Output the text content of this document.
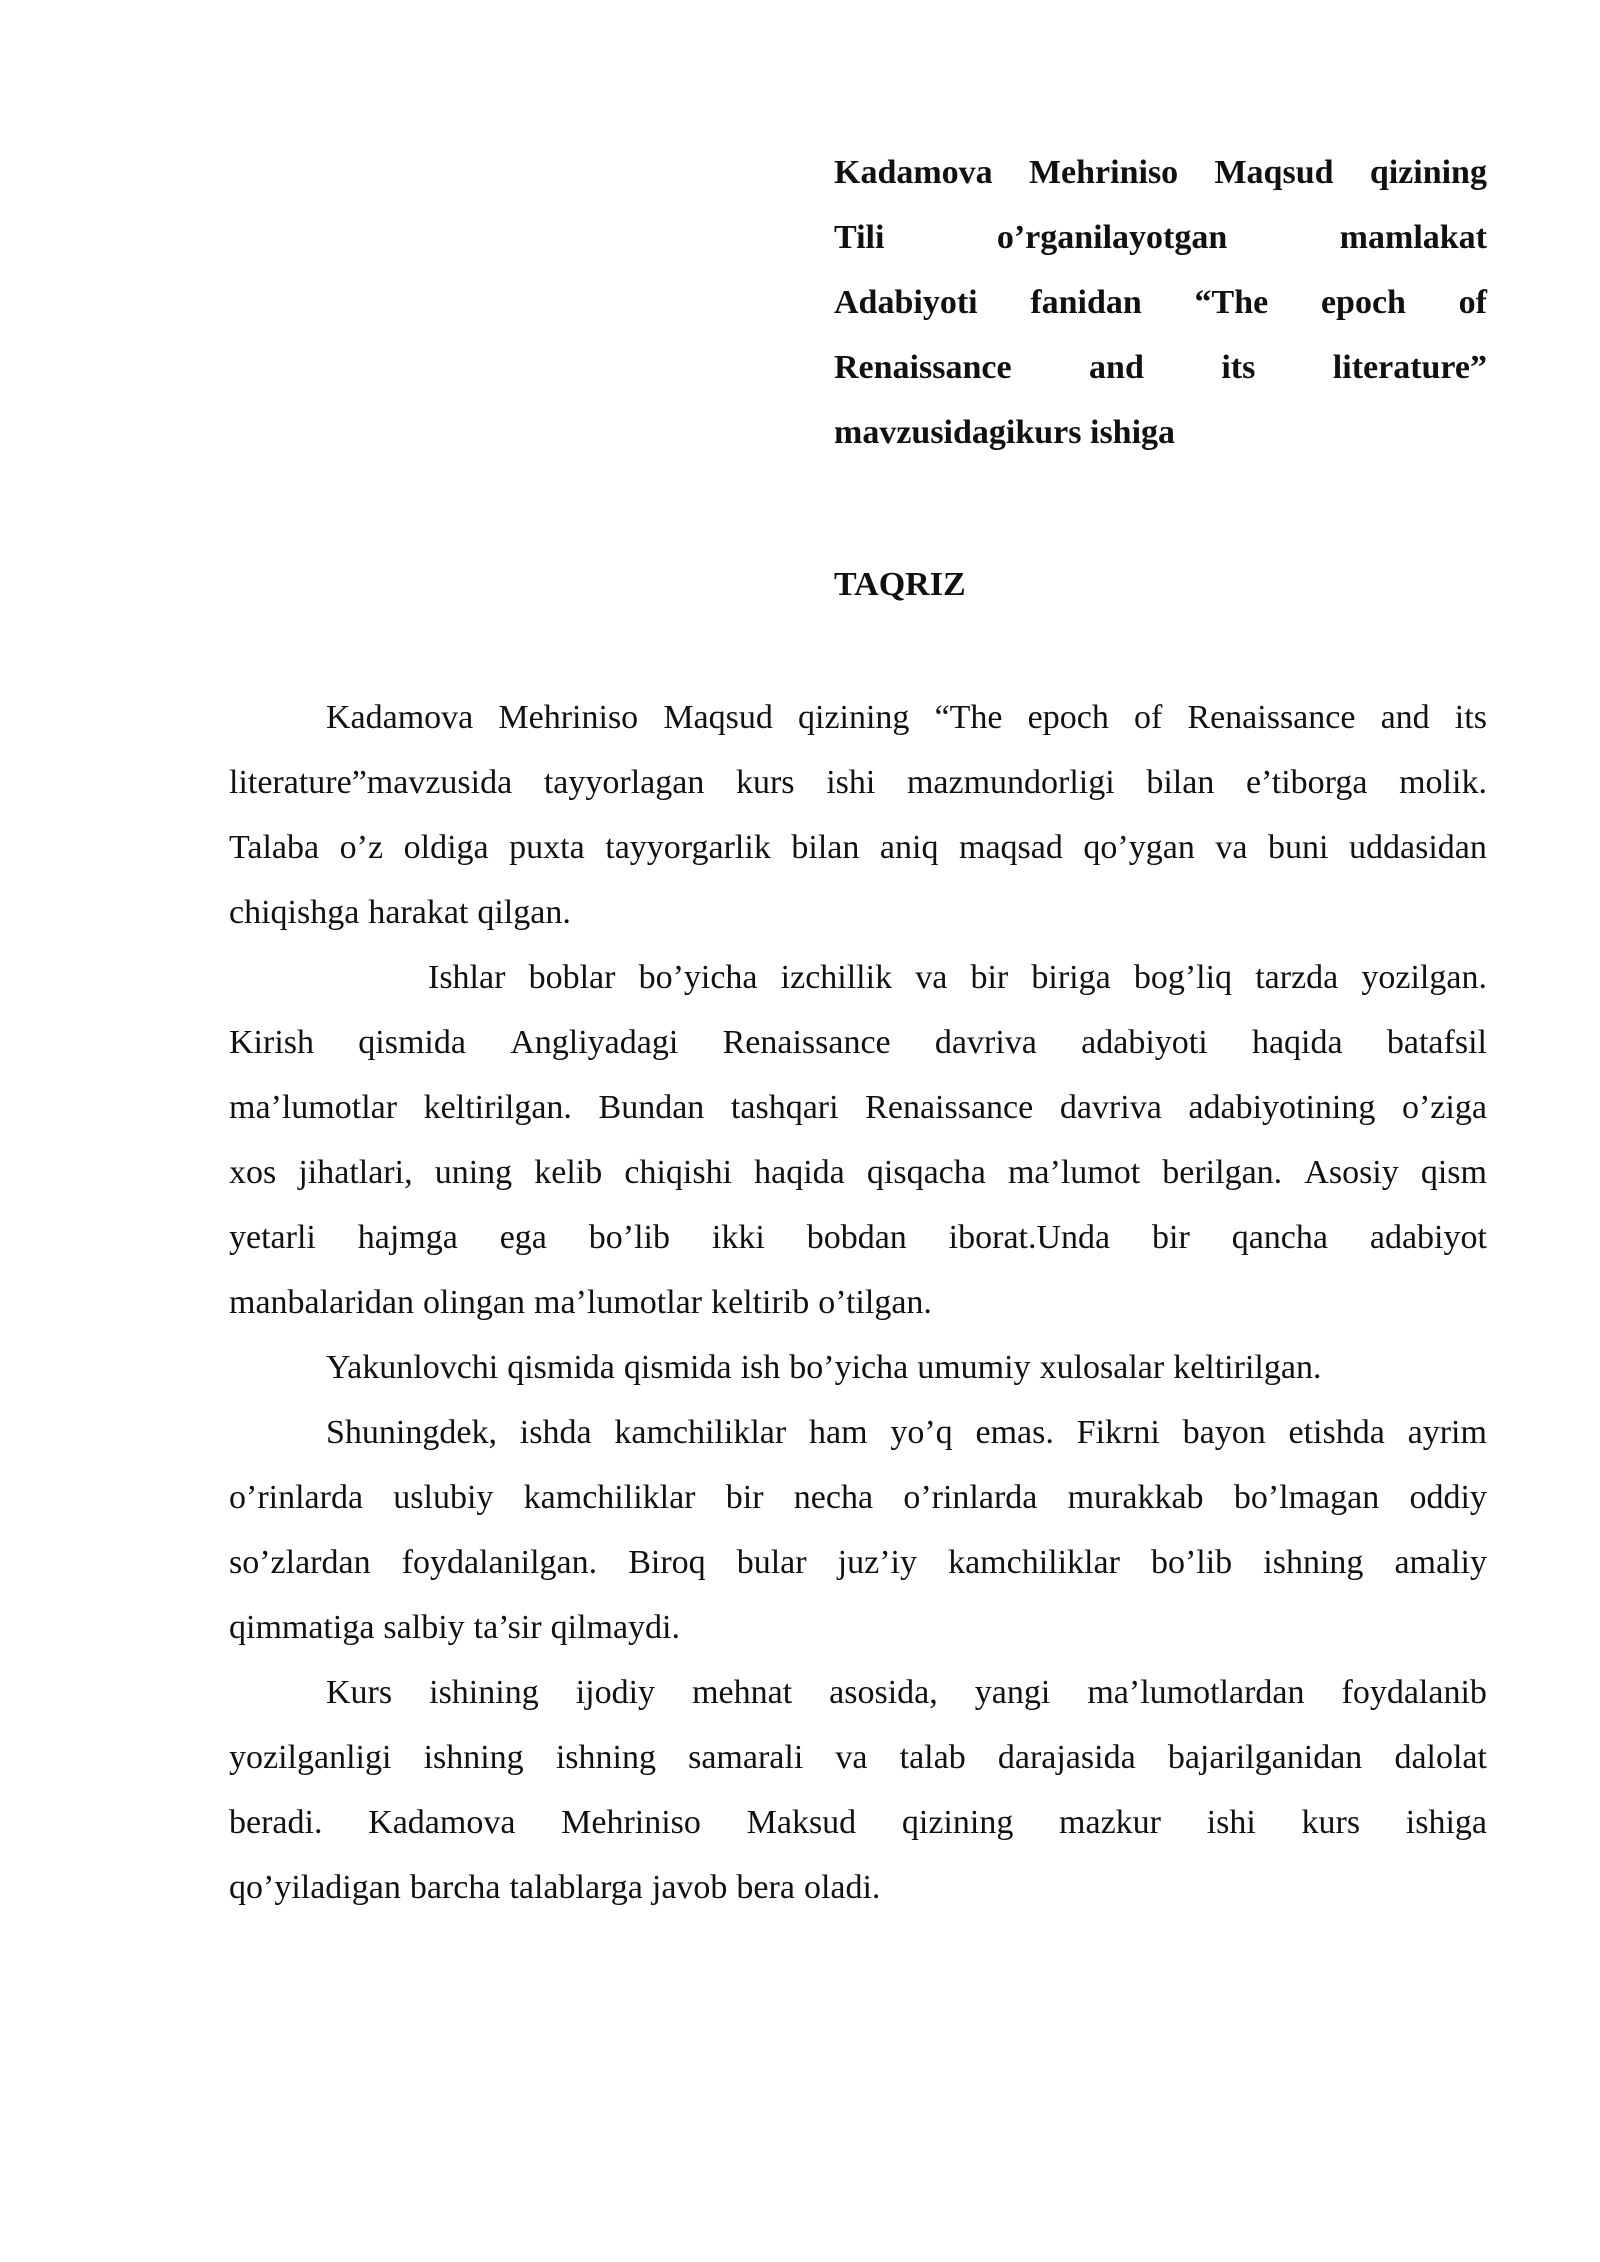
Kadamova Mehriniso Maqsud qizining
Tili	o’rganilayotgan	mamlakat
Adabiyoti fanidan “The epoch of
Renaissance and its literature”
mavzusidagikurs ishiga
TAQRIZ
Kadamova Mehriniso Maqsud qizining “The epoch of Renaissance and its
literature”mavzusida tayyorlagan kurs ishi mazmundorligi bilan e’tiborga molik.
Talaba o’z oldiga puxta tayyorgarlik bilan aniq maqsad qo’ygan va buni uddasidan
chiqishga harakat qilgan.
Ishlar boblar bo’yicha izchillik va bir biriga bog’liq tarzda yozilgan.
Kirish qismida Angliyadagi Renaissance davriva adabiyoti haqida batafsil
ma’lumotlar keltirilgan. Bundan tashqari Renaissance davriva adabiyotining o’ziga
xos jihatlari, uning kelib chiqishi haqida qisqacha ma’lumot berilgan. Asosiy qism
yetarli hajmga ega bo’lib ikki bobdan iborat.Unda bir qancha adabiyot
manbalaridan olingan ma’lumotlar keltirib o’tilgan.
Yakunlovchi qismida qismida ish bo’yicha umumiy xulosalar keltirilgan.
Shuningdek, ishda kamchiliklar ham yo’q emas. Fikrni bayon etishda ayrim
o’rinlarda uslubiy kamchiliklar bir necha o’rinlarda murakkab bo’lmagan oddiy
so’zlardan foydalanilgan. Biroq bular juz’iy kamchiliklar bo’lib ishning amaliy
qimmatiga salbiy ta’sir qilmaydi.
Kurs ishining ijodiy mehnat asosida, yangi ma’lumotlardan foydalanib
yozilganligi ishning ishning samarali va talab darajasida bajarilganidan dalolat
beradi. Kadamova Mehriniso Maksud qizining mazkur ishi kurs ishiga
qo’yiladigan barcha talablarga javob bera oladi.
